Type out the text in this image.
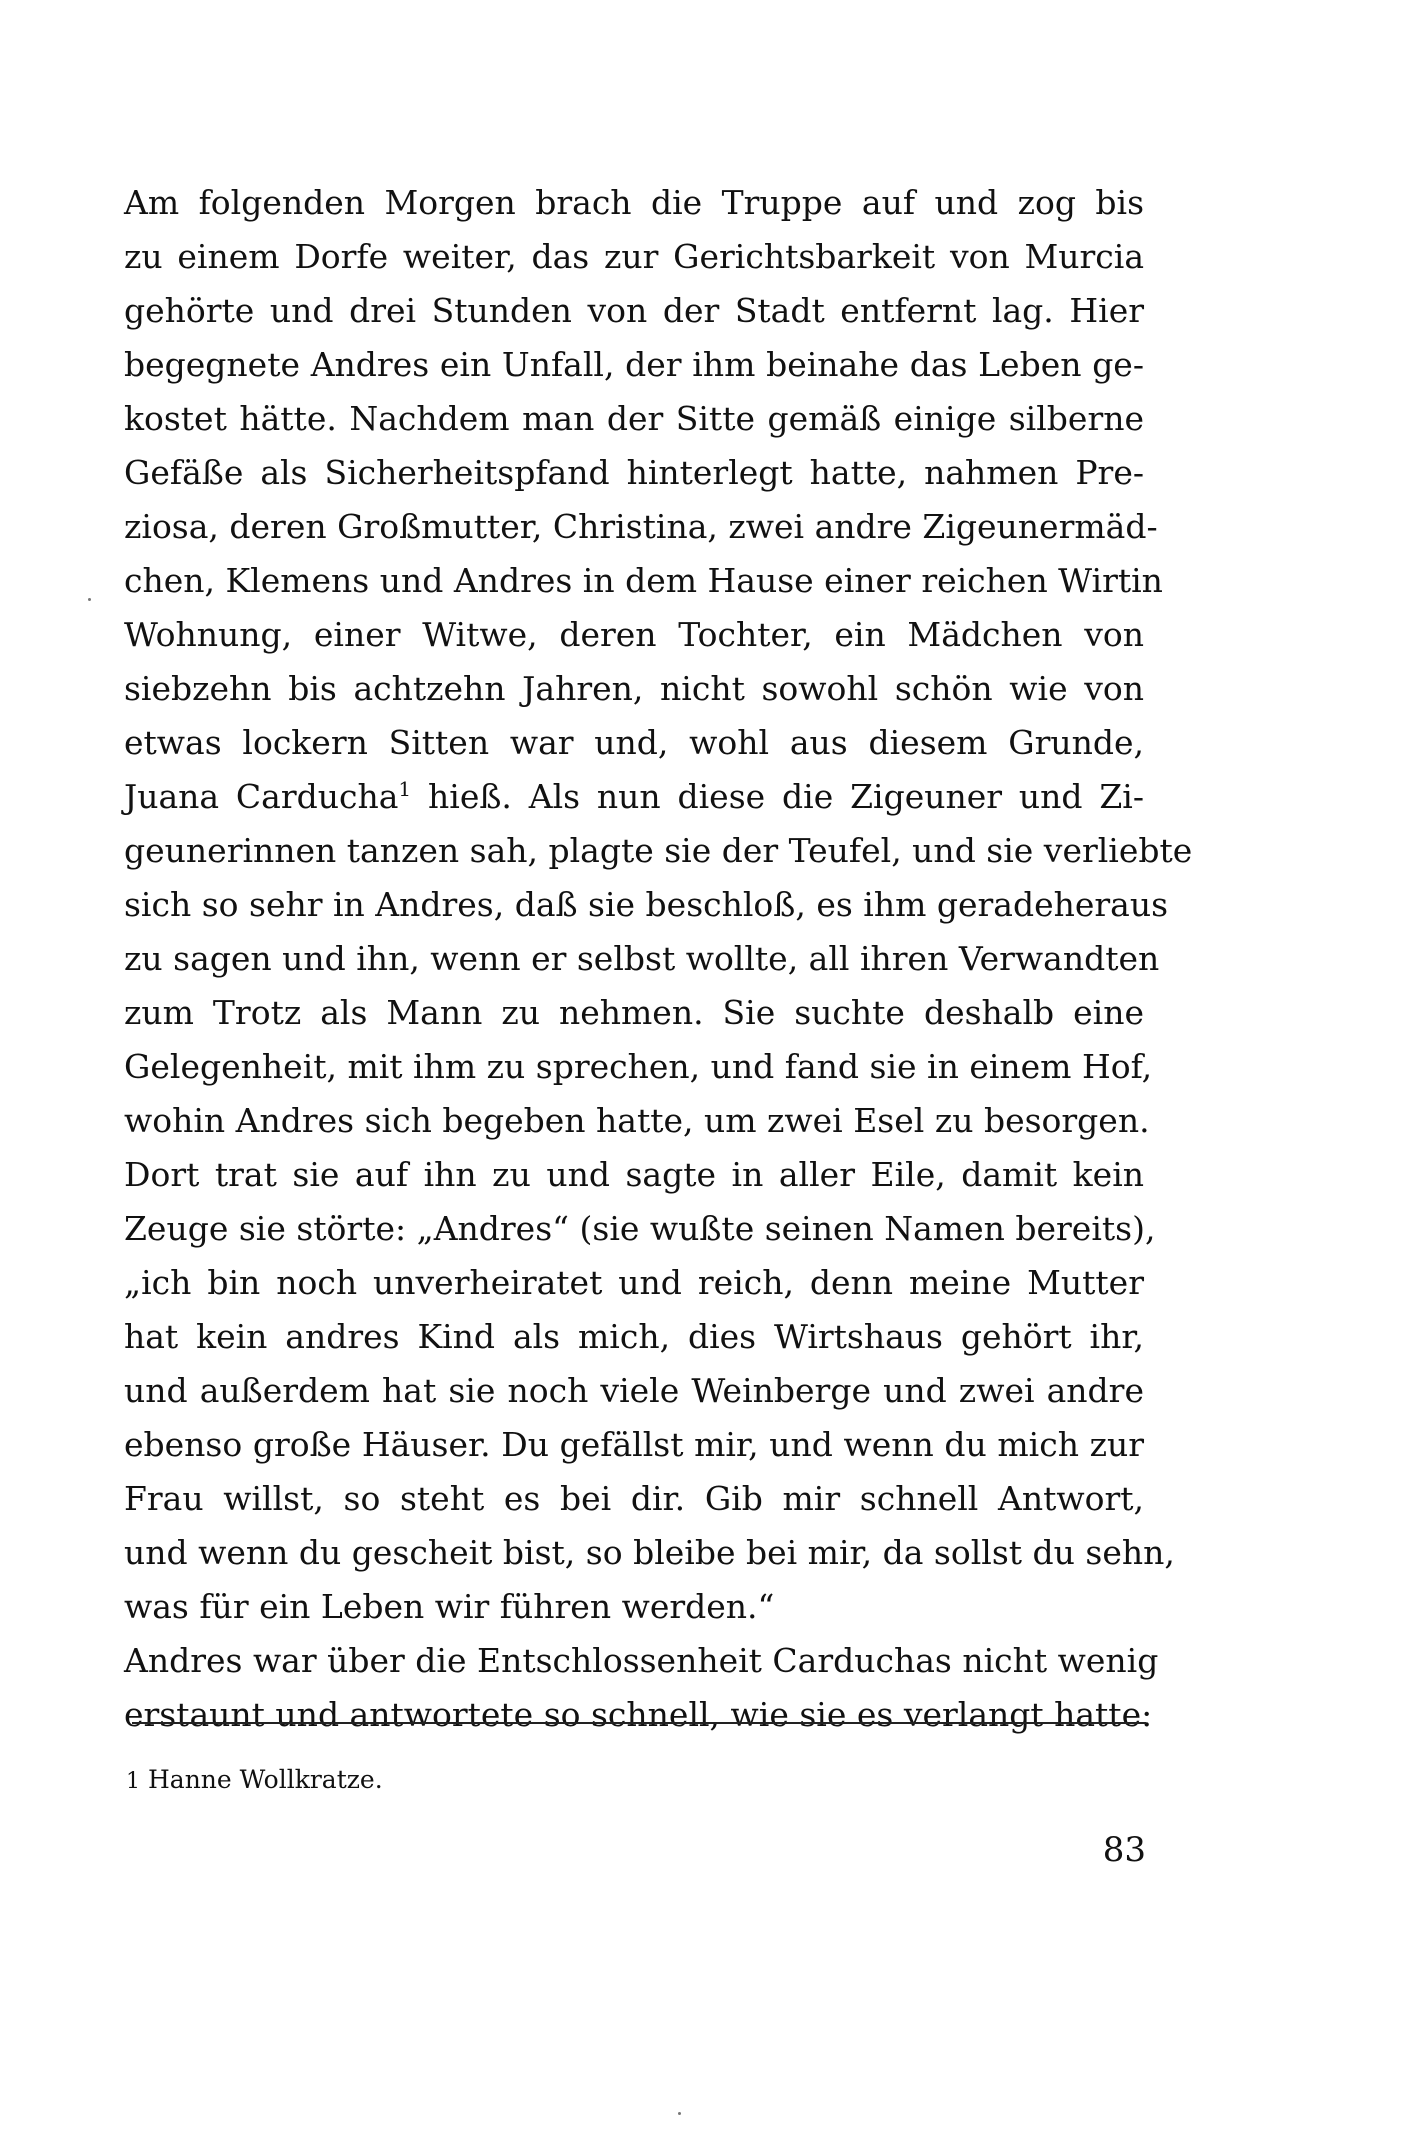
Am folgenden Morgen brach die Truppe auf und zog bis
zu einem Dorfe weiter, das zur Gerichtsbarkeit von Murcia
gehörte und drei Stunden von der Stadt entfernt lag. Hier
begegnete Andres ein Unfall, der ihm beinahe das Leben ge-
kostet hätte. Nachdem man der Sitte gemäß einige silberne
Gefäße als Sicherheitspfand hinterlegt hatte, nahmen Pre-
ziosa, deren Großmutter, Christina, zwei andre Zigeunermäd-
chen, Klemens und Andres in dem Hause einer reichen Wirtin
Wohnung, einer Witwe, deren Tochter, ein Mädchen von
siebzehn bis achtzehn Jahren, nicht sowohl schön wie von
etwas lockern Sitten war und, wohl aus diesem Grunde,
Juana Carducha$^1$ hieß. Als nun diese die Zigeuner und Zi-
geunerinnen tanzen sah, plagte sie der Teufel, und sie verliebte
sich so sehr in Andres, daß sie beschloß, es ihm geradeheraus
zu sagen und ihn, wenn er selbst wollte, all ihren Verwandten
zum Trotz als Mann zu nehmen. Sie suchte deshalb eine
Gelegenheit, mit ihm zu sprechen, und fand sie in einem Hof,
wohin Andres sich begeben hatte, um zwei Esel zu besorgen.
Dort trat sie auf ihn zu und sagte in aller Eile, damit kein
Zeuge sie störte: „Andres“ (sie wußte seinen Namen bereits),
„ich bin noch unverheiratet und reich, denn meine Mutter
hat kein andres Kind als mich, dies Wirtshaus gehört ihr,
und außerdem hat sie noch viele Weinberge und zwei andre
ebenso große Häuser. Du gefällst mir, und wenn du mich zur
Frau willst, so steht es bei dir. Gib mir schnell Antwort,
und wenn du gescheit bist, so bleibe bei mir, da sollst du sehn,
was für ein Leben wir führen werden.“
Andres war über die Entschlossenheit Carduchas nicht wenig
erstaunt und antwortete so schnell, wie sie es verlangt hatte:
1 Hanne Wollkratze.
83
